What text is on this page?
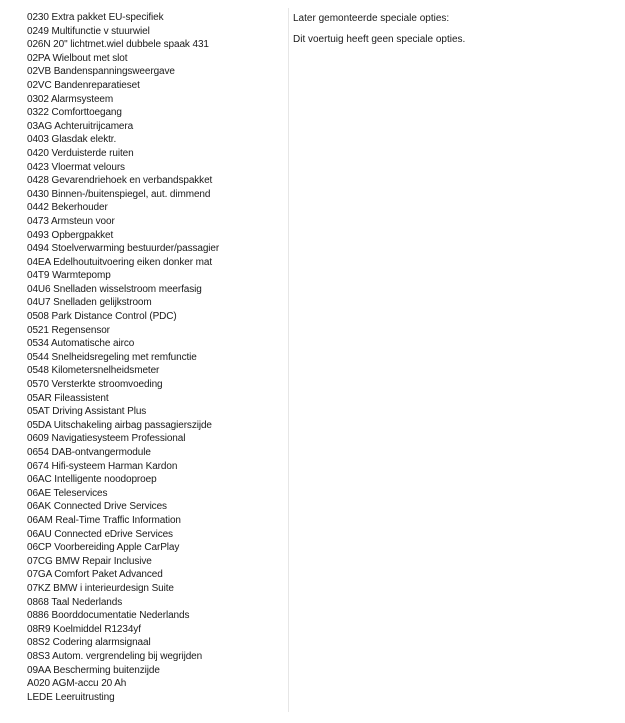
0230 Extra pakket EU-specifiek
0249 Multifunctie v stuurwiel
026N 20" lichtmet.wiel dubbele spaak 431
02PA Wielbout met slot
02VB Bandenspanningsweergave
02VC Bandenreparatieset
0302 Alarmsysteem
0322 Comforttoegang
03AG Achteruitrijcamera
0403 Glasdak elektr.
0420 Verduisterde ruiten
0423 Vloermat velours
0428 Gevarendriehoek en verbandspakket
0430 Binnen-/buitenspiegel, aut. dimmend
0442 Bekerhouder
0473 Armsteun voor
0493 Opbergpakket
0494 Stoelverwarming bestuurder/passagier
04EA Edelhoutuitvoering eiken donker mat
04T9 Warmtepomp
04U6 Snelladen wisselstroom meerfasig
04U7 Snelladen gelijkstroom
0508 Park Distance Control (PDC)
0521 Regensensor
0534 Automatische airco
0544 Snelheidsregeling met remfunctie
0548 Kilometersnelheidsmeter
0570 Versterkte stroomvoeding
05AR Fileassistent
05AT Driving Assistant Plus
05DA Uitschakeling airbag passagierszijde
0609 Navigatiesysteem Professional
0654 DAB-ontvangermodule
0674 Hifi-systeem Harman Kardon
06AC Intelligente noodoproep
06AE Teleservices
06AK Connected Drive Services
06AM Real-Time Traffic Information
06AU Connected eDrive Services
06CP Voorbereiding Apple CarPlay
07CG BMW Repair Inclusive
07GA Comfort Paket Advanced
07KZ BMW i interieurdesign Suite
0868 Taal Nederlands
0886 Boorddocumentatie Nederlands
08R9 Koelmiddel R1234yf
08S2 Codering alarmsignaal
08S3 Autom. vergrendeling bij wegrijden
09AA Bescherming buitenzijde
A020 AGM-accu 20 Ah
LEDE Leeruitrusting

Later gemonteerde speciale opties:

Dit voertuig heeft geen speciale opties.
